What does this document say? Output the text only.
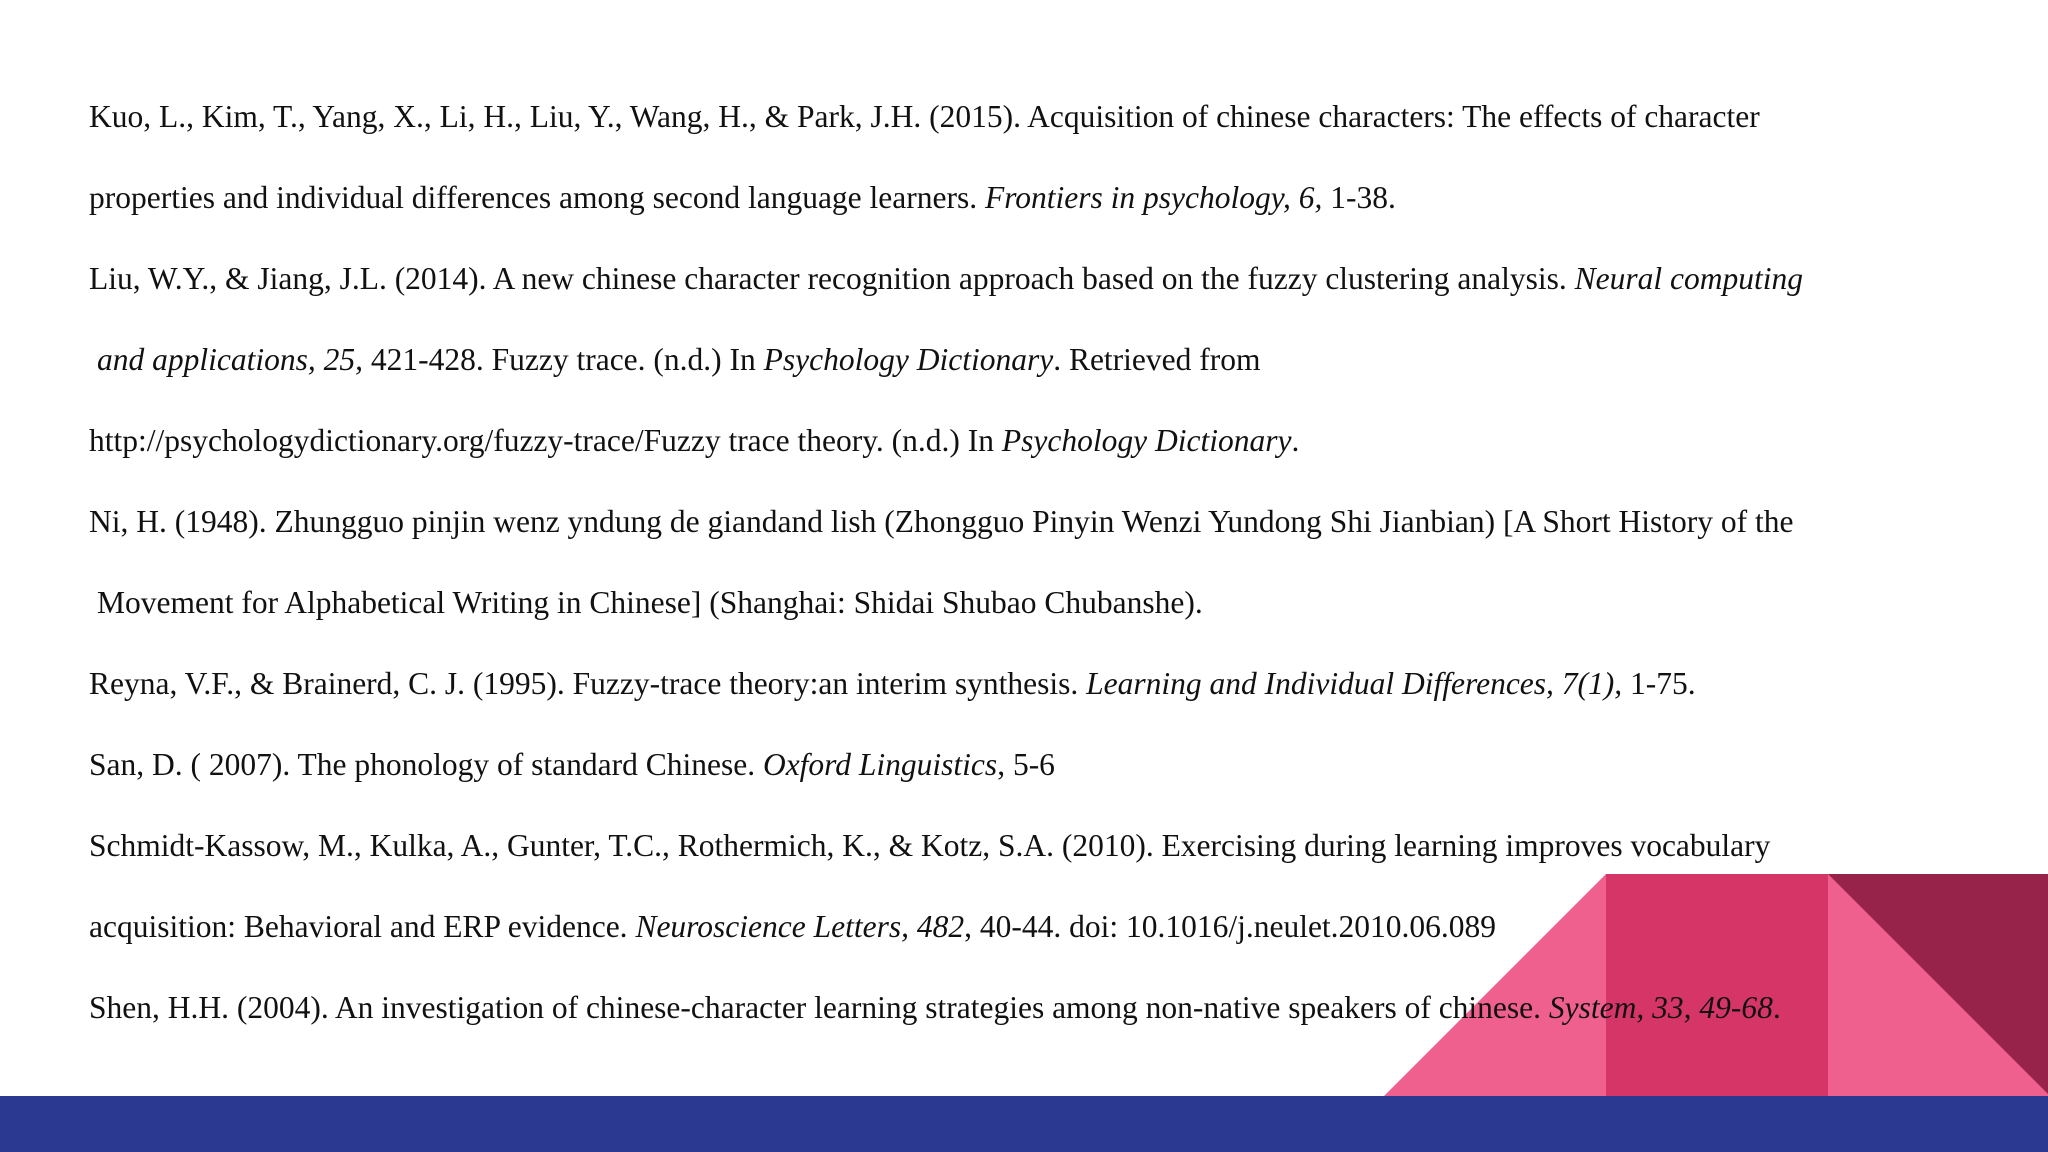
Kuo, L., Kim, T., Yang, X., Li, H., Liu, Y., Wang, H., & Park, J.H. (2015). Acquisition of chinese characters: The effects of character
properties and individual differences among second language learners. Frontiers in psychology, 6, 1-38.

Liu, W.Y., & Jiang, J.L. (2014). A new chinese character recognition approach based on the fuzzy clustering analysis. Neural computing
and applications, 25, 421-428. Fuzzy trace. (n.d.) In Psychology Dictionary. Retrieved from
http://psychologydictionary.org/fuzzy-trace/Fuzzy trace theory. (n.d.) In Psychology Dictionary.

Ni, H. (1948). Zhungguo pinjin wenz yndung de giandand lish (Zhongguo Pinyin Wenzi Yundong Shi Jianbian) [A Short History of the
Movement for Alphabetical Writing in Chinese] (Shanghai: Shidai Shubao Chubanshe).

Reyna, V.F., & Brainerd, C. J. (1995). Fuzzy-trace theory:an interim synthesis. Learning and Individual Differences, 7(1), 1-75.

San, D. ( 2007). The phonology of standard Chinese. Oxford Linguistics, 5-6

Schmidt-Kassow, M., Kulka, A., Gunter, T.C., Rothermich, K., & Kotz, S.A. (2010). Exercising during learning improves vocabulary
acquisition: Behavioral and ERP evidence. Neuroscience Letters, 482, 40-44. doi: 10.1016/j.neulet.2010.06.089

Shen, H.H. (2004). An investigation of chinese-character learning strategies among non-native speakers of chinese. System, 33, 49-68.
